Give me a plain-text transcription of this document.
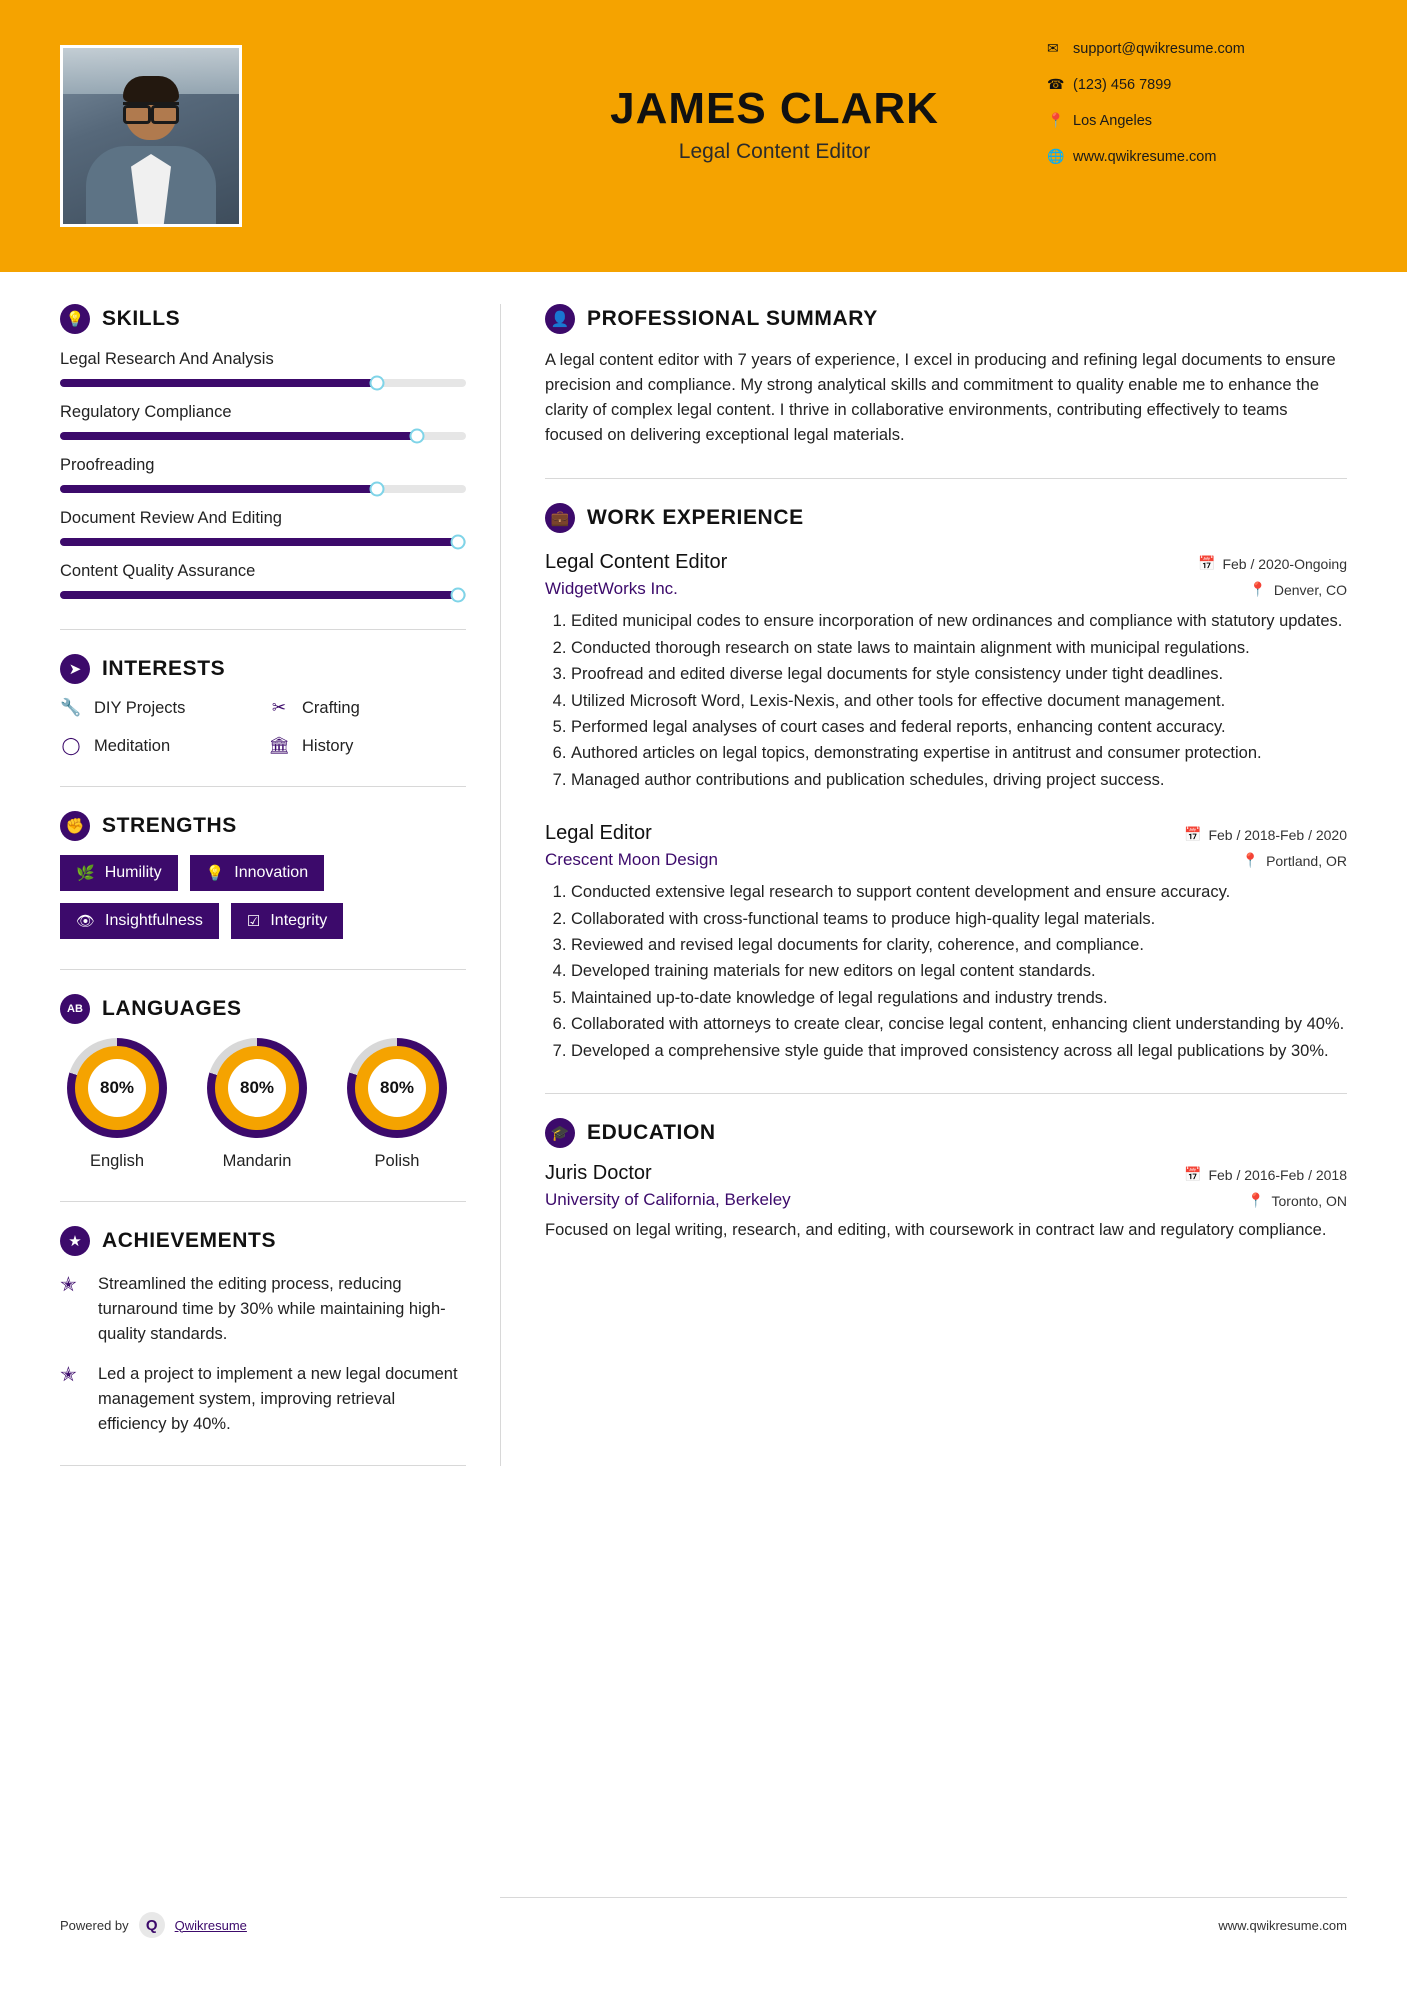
JAMES CLARK
Legal Content Editor
✉ support@qwikresume.com
☎ (123) 456 7899
📍 Los Angeles
🌐 www.qwikresume.com
💡 SKILLS
Legal Research And Analysis
Regulatory Compliance
Proofreading
Document Review And Editing
Content Quality Assurance
➤ INTERESTS
🔧 DIY Projects	✂ Crafting
◯ Meditation	🏛 History
✊ STRENGTHS
🌿 Humility	💡 Innovation
👁 Insightfulness	☑ Integrity
AB LANGUAGES
80%
English
80%
Mandarin
80%
Polish
★ ACHIEVEMENTS
✭	Streamlined the editing process, reducing turnaround time by 30% while maintaining high-quality standards.
✭	Led a project to implement a new legal document management system, improving retrieval efficiency by 40%.
👤 PROFESSIONAL SUMMARY
A legal content editor with 7 years of experience, I excel in producing and refining legal documents to ensure precision and compliance. My strong analytical skills and commitment to quality enable me to enhance the clarity of complex legal content. I thrive in collaborative environments, contributing effectively to teams focused on delivering exceptional legal materials.
💼 WORK EXPERIENCE
Legal Content Editor	📅 Feb / 2020-Ongoing
WidgetWorks Inc.	📍 Denver, CO
1. Edited municipal codes to ensure incorporation of new ordinances and compliance with statutory updates.
2. Conducted thorough research on state laws to maintain alignment with municipal regulations.
3. Proofread and edited diverse legal documents for style consistency under tight deadlines.
4. Utilized Microsoft Word, Lexis-Nexis, and other tools for effective document management.
5. Performed legal analyses of court cases and federal reports, enhancing content accuracy.
6. Authored articles on legal topics, demonstrating expertise in antitrust and consumer protection.
7. Managed author contributions and publication schedules, driving project success.
Legal Editor	📅 Feb / 2018-Feb / 2020
Crescent Moon Design	📍 Portland, OR
1. Conducted extensive legal research to support content development and ensure accuracy.
2. Collaborated with cross-functional teams to produce high-quality legal materials.
3. Reviewed and revised legal documents for clarity, coherence, and compliance.
4. Developed training materials for new editors on legal content standards.
5. Maintained up-to-date knowledge of legal regulations and industry trends.
6. Collaborated with attorneys to create clear, concise legal content, enhancing client understanding by 40%.
7. Developed a comprehensive style guide that improved consistency across all legal publications by 30%.
🎓 EDUCATION
Juris Doctor	📅 Feb / 2016-Feb / 2018
University of California, Berkeley	📍 Toronto, ON
Focused on legal writing, research, and editing, with coursework in contract law and regulatory compliance.
Powered by	Q	Qwikresume	www.qwikresume.com
